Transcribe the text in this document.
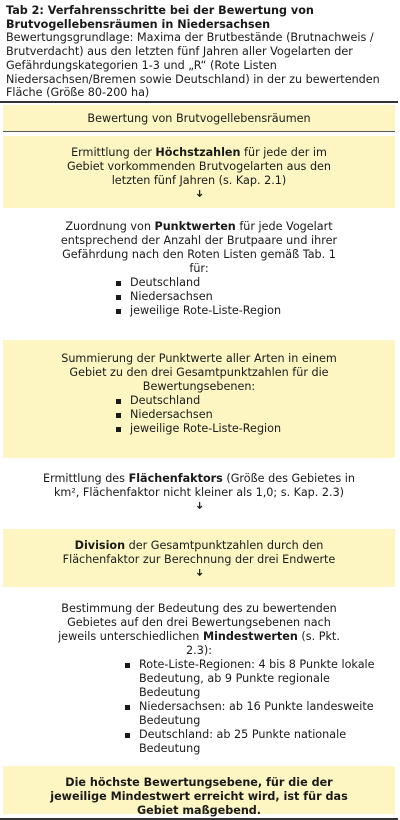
Tab 2: Verfahrensschritte bei der Bewertung von Brutvogellebensräumen in Niedersachsen
Bewertungsgrundlage: Maxima der Brutbestände (Brutnachweis / Brutverdacht) aus den letzten fünf Jahren aller Vogelarten der Gefährdungskategorien 1-3 und „R“ (Rote Listen Niedersachsen/Bremen sowie Deutschland) in der zu bewertenden Fläche (Größe 80-200 ha)
Bewertung von Brutvogellebensräumen
Ermittlung der Höchstzahlen für jede der im Gebiet vorkommenden Brutvogelarten aus den letzten fünf Jahren (s. Kap. 2.1)
➜
Zuordnung von Punktwerten für jede Vogelart entsprechend der Anzahl der Brutpaare und ihrer Gefährdung nach den Roten Listen gemäß Tab. 1 für:
Deutschland
Niedersachsen
jeweilige Rote-Liste-Region
Summierung der Punktwerte aller Arten in einem Gebiet zu den drei Gesamtpunktzahlen für die Bewertungsebenen:
Deutschland
Niedersachsen
jeweilige Rote-Liste-Region
Ermittlung des Flächenfaktors (Größe des Gebietes in km², Flächenfaktor nicht kleiner als 1,0; s. Kap. 2.3)
➜
Division der Gesamtpunktzahlen durch den Flächenfaktor zur Berechnung der drei Endwerte
➜
Bestimmung der Bedeutung des zu bewertenden Gebietes auf den drei Bewertungsebenen nach jeweils unterschiedlichen Mindestwerten (s. Pkt. 2.3):
Rote-Liste-Regionen: 4 bis 8 Punkte lokale Bedeutung, ab 9 Punkte regionale Bedeutung
Niedersachsen: ab 16 Punkte landesweite Bedeutung
Deutschland: ab 25 Punkte nationale Bedeutung
Die höchste Bewertungsebene, für die der jeweilige Mindestwert erreicht wird, ist für das Gebiet maßgebend.
